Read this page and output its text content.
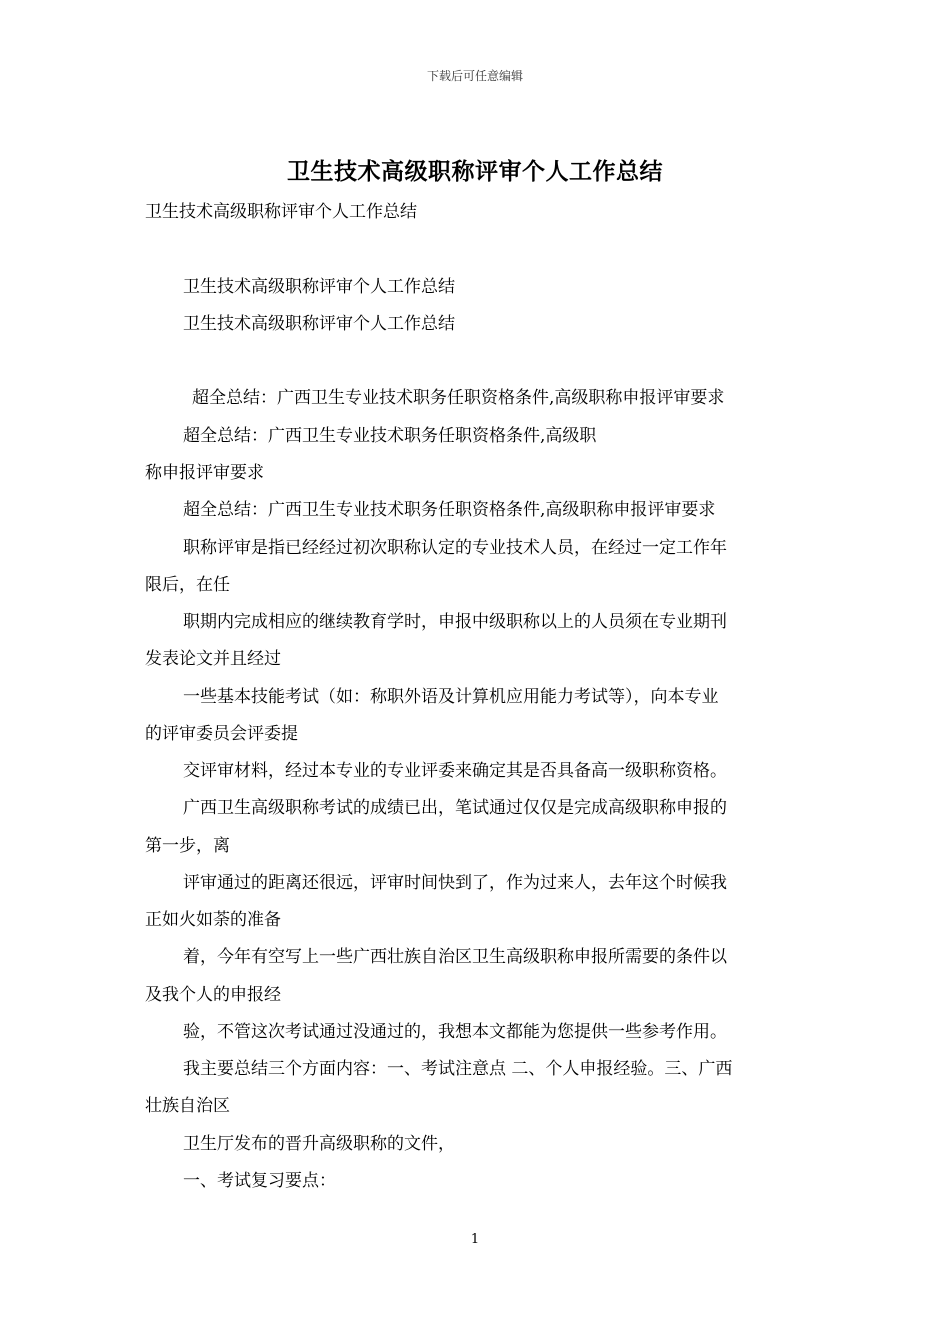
下载后可任意编辑
卫生技术高级职称评审个人工作总结
卫生技术高级职称评审个人工作总结
卫生技术高级职称评审个人工作总结
卫生技术高级职称评审个人工作总结
超全总结：广西卫生专业技术职务任职资格条件,高级职称申报评审要求
超全总结：广西卫生专业技术职务任职资格条件,高级职
称申报评审要求
超全总结：广西卫生专业技术职务任职资格条件,高级职称申报评审要求
职称评审是指已经经过初次职称认定的专业技术人员，在经过一定工作年
限后，在任
职期内完成相应的继续教育学时，申报中级职称以上的人员须在专业期刊
发表论文并且经过
一些基本技能考试（如：称职外语及计算机应用能力考试等），向本专业
的评审委员会评委提
交评审材料，经过本专业的专业评委来确定其是否具备高一级职称资格。
广西卫生高级职称考试的成绩已出，笔试通过仅仅是完成高级职称申报的
第一步，离
评审通过的距离还很远，评审时间快到了，作为过来人，去年这个时候我
正如火如荼的准备
着，今年有空写上一些广西壮族自治区卫生高级职称申报所需要的条件以
及我个人的申报经
验，不管这次考试通过没通过的，我想本文都能为您提供一些参考作用。
我主要总结三个方面内容：一、考试注意点 二、个人申报经验。三、广西
壮族自治区
卫生厅发布的晋升高级职称的文件，
一、考试复习要点：
1
